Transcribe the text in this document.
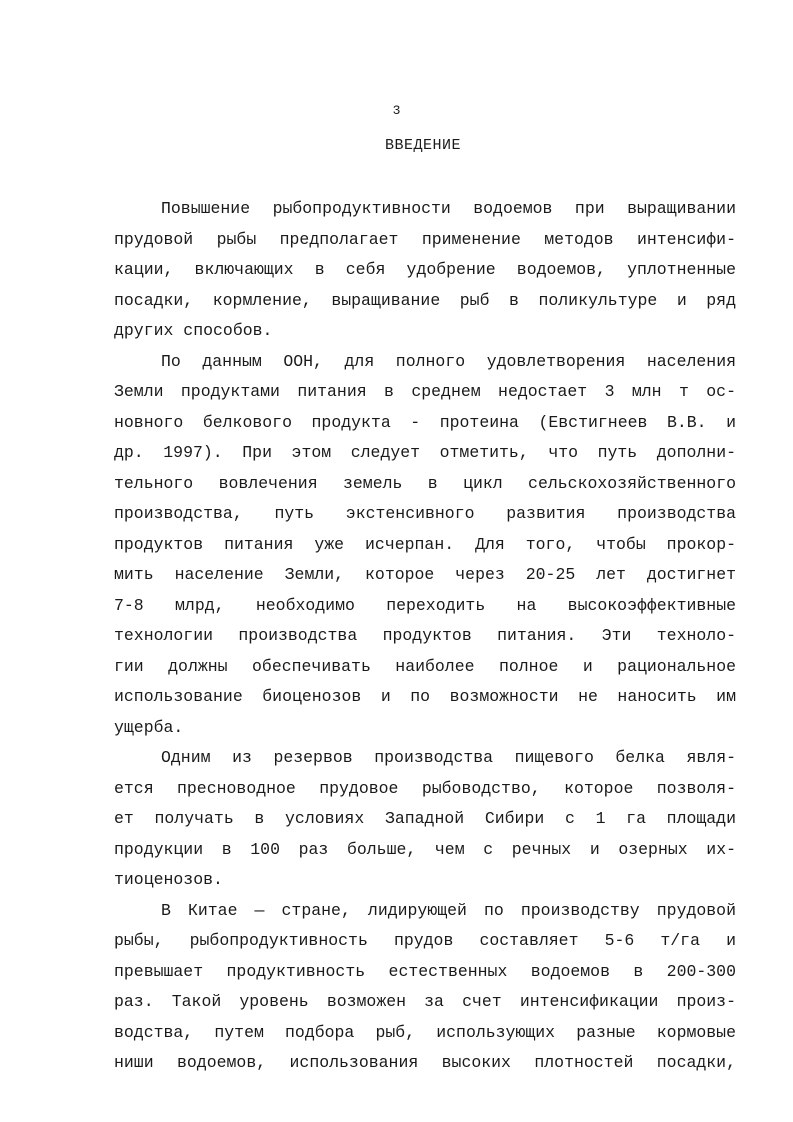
3
ВВЕДЕНИЕ

Повышение рыбопродуктивности водоемов при выращивании
прудовой рыбы предполагает применение методов интенсифи-
кации, включающих в себя удобрение водоемов, уплотненные
посадки, кормление, выращивание рыб в поликультуре и ряд
других способов.

По данным ООН, для полного удовлетворения населения
Земли продуктами питания в среднем недостает 3 млн т ос-
новного белкового продукта - протеина (Евстигнеев В.В. и
др. 1997). При этом следует отметить, что путь дополни-
тельного вовлечения земель в цикл сельскохозяйственного
производства, путь экстенсивного развития производства
продуктов питания уже исчерпан. Для того, чтобы прокор-
мить население Земли, которое через 20-25 лет достигнет
7-8 млрд, необходимо переходить на высокоэффективные
технологии производства продуктов питания. Эти техноло-
гии должны обеспечивать наиболее полное и рациональное
использование биоценозов и по возможности не наносить им
ущерба.

Одним из резервов производства пищевого белка явля-
ется пресноводное прудовое рыбоводство, которое позволя-
ет получать в условиях Западной Сибири с 1 га площади
продукции в 100 раз больше, чем с речных и озерных их-
тиоценозов.

В Китае — стране, лидирующей по производству прудовой
рыбы, рыбопродуктивность прудов составляет 5-6 т/га и
превышает продуктивность естественных водоемов в 200-300
раз. Такой уровень возможен за счет интенсификации произ-
водства, путем подбора рыб, использующих разные кормовые
ниши водоемов, использования высоких плотностей посадки,
